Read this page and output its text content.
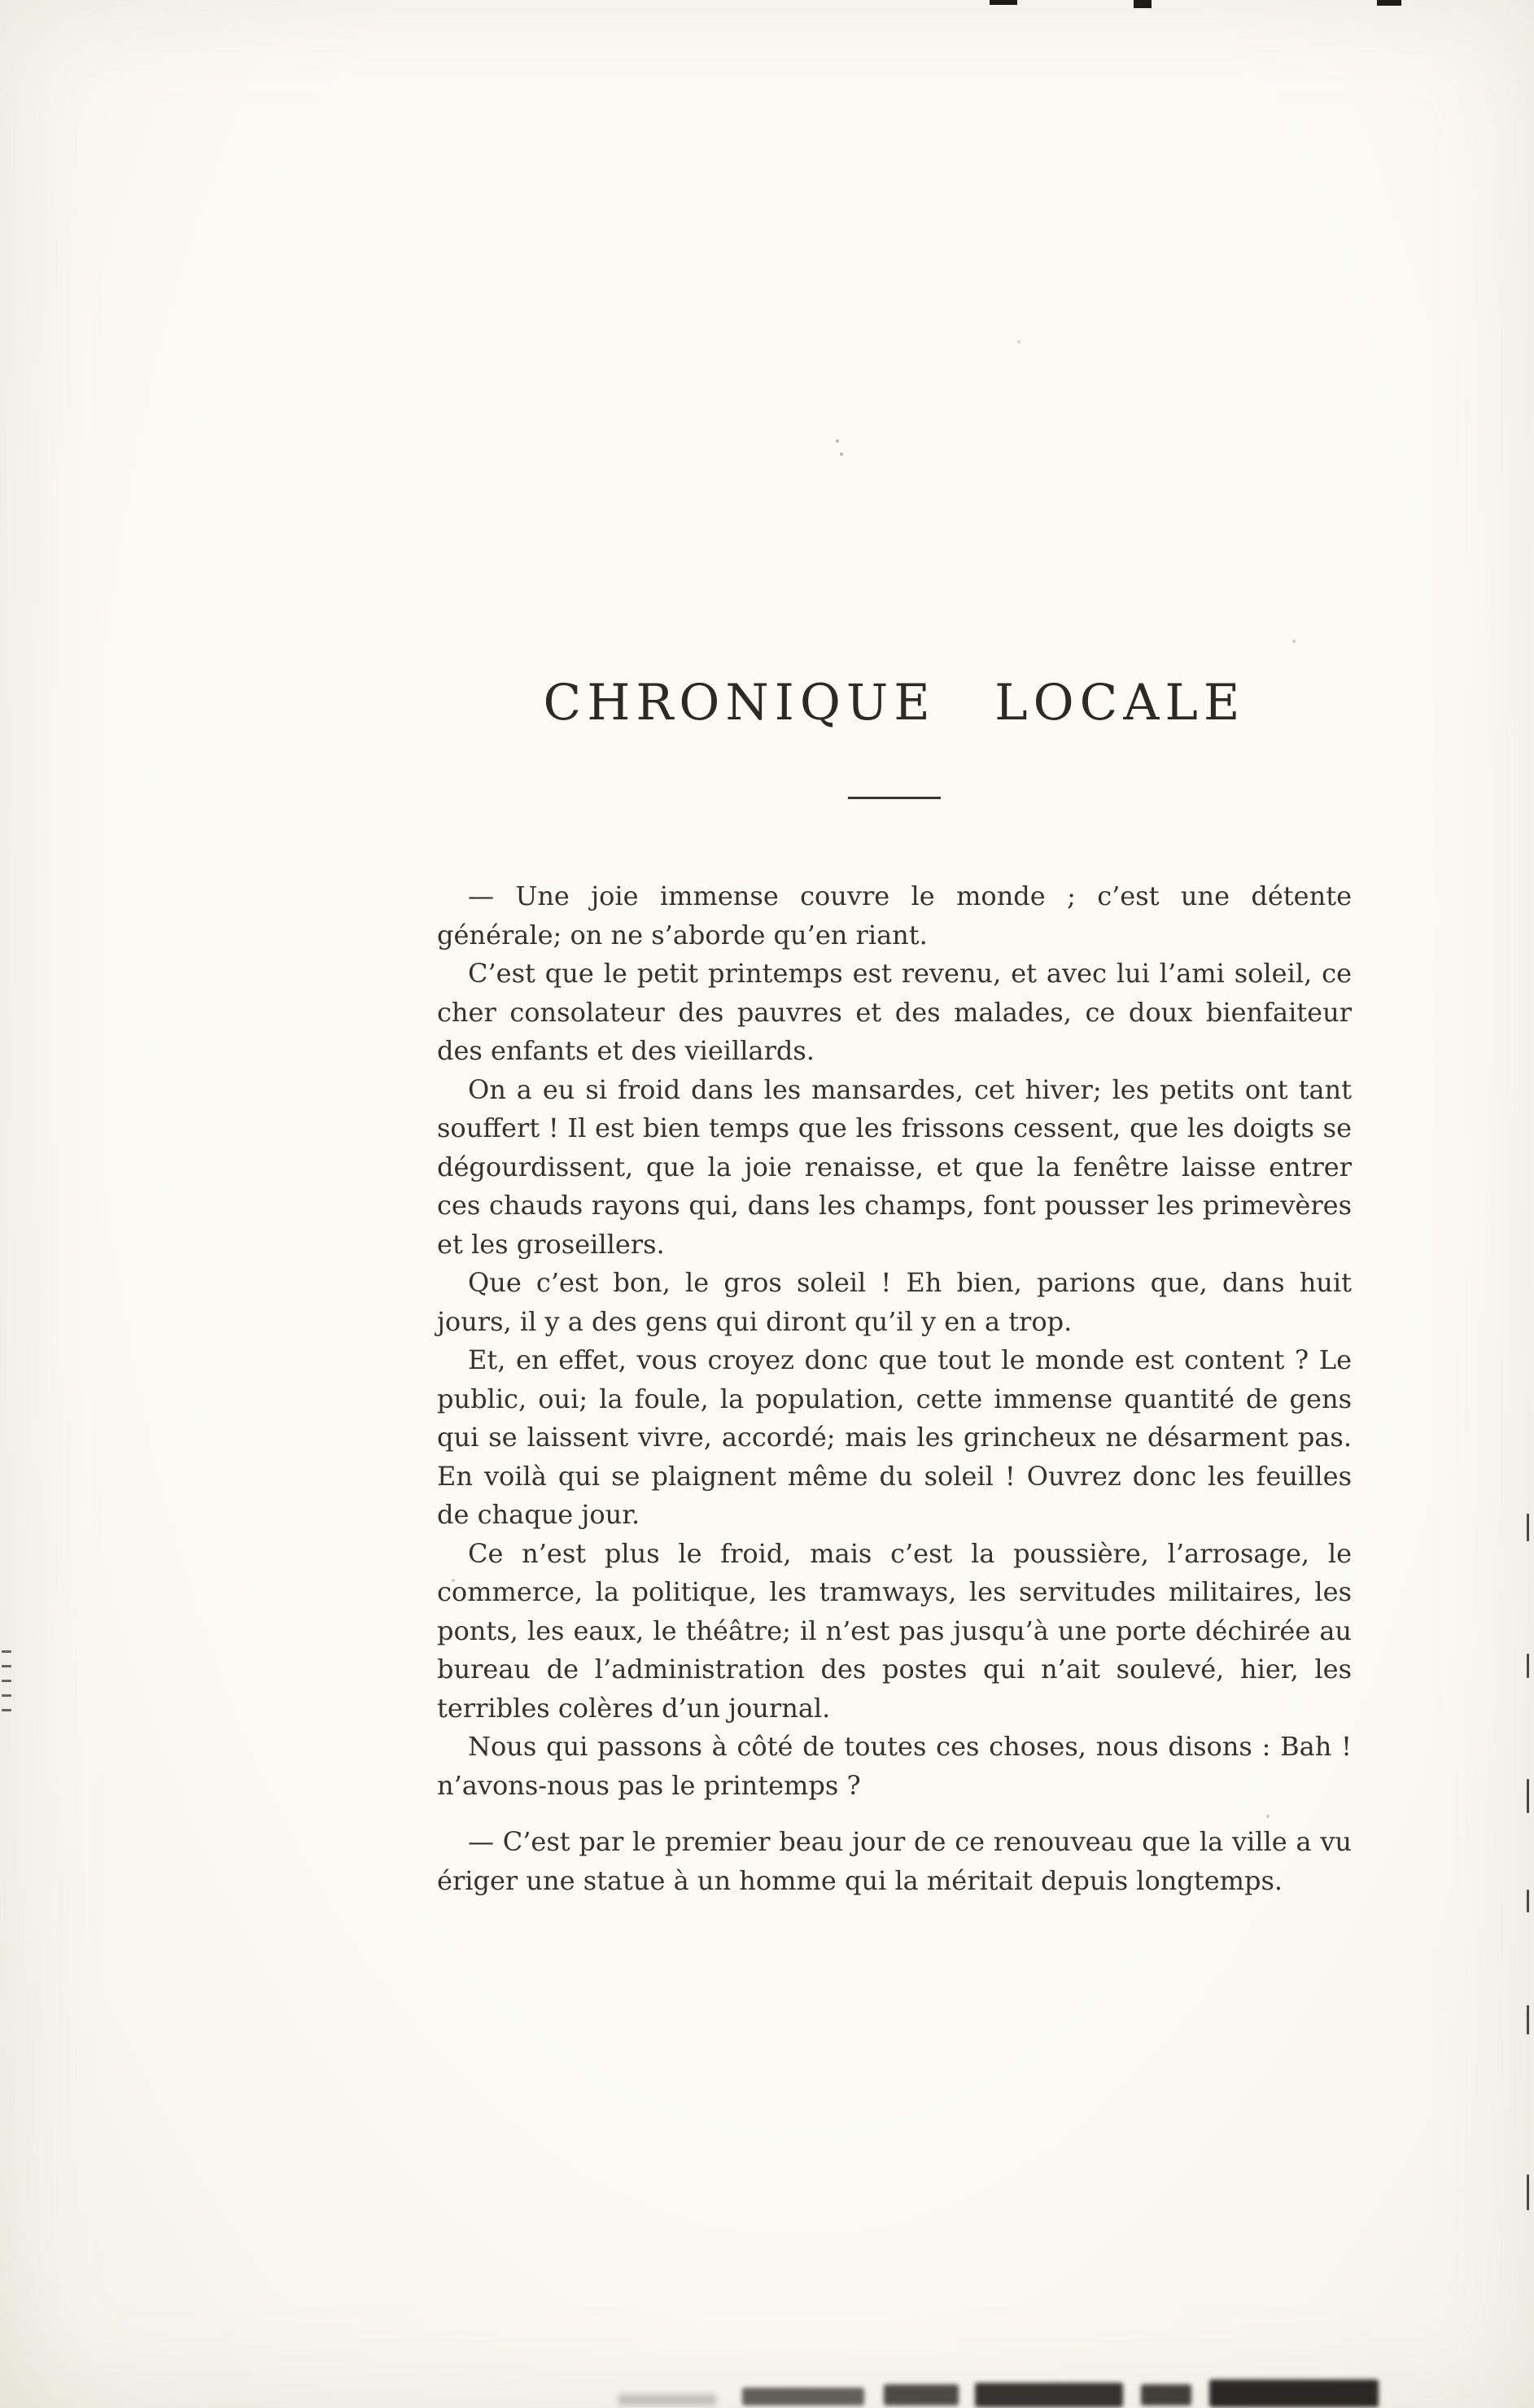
CHRONIQUE LOCALE

— Une joie immense couvre le monde ; c’est une détente générale; on ne s’aborde qu’en riant.

C’est que le petit printemps est revenu, et avec lui l’ami soleil, ce cher consolateur des pauvres et des malades, ce doux bienfaiteur des enfants et des vieillards.

On a eu si froid dans les mansardes, cet hiver; les petits ont tant souffert ! Il est bien temps que les frissons cessent, que les doigts se dégourdissent, que la joie renaisse, et que la fenêtre laisse entrer ces chauds rayons qui, dans les champs, font pousser les primevères et les groseillers.

Que c’est bon, le gros soleil ! Eh bien, parions que, dans huit jours, il y a des gens qui diront qu’il y en a trop.

Et, en effet, vous croyez donc que tout le monde est content ? Le public, oui; la foule, la population, cette immense quantité de gens qui se laissent vivre, accordé; mais les grincheux ne désarment pas. En voilà qui se plaignent même du soleil ! Ouvrez donc les feuilles de chaque jour.

Ce n’est plus le froid, mais c’est la poussière, l’arrosage, le commerce, la politique, les tramways, les servitudes militaires, les ponts, les eaux, le théâtre; il n’est pas jusqu’à une porte déchirée au bureau de l’administration des postes qui n’ait soulevé, hier, les terribles colères d’un journal.

Nous qui passons à côté de toutes ces choses, nous disons : Bah ! n’avons-nous pas le printemps ?

— C’est par le premier beau jour de ce renouveau que la ville a vu ériger une statue à un homme qui la méritait depuis longtemps.
